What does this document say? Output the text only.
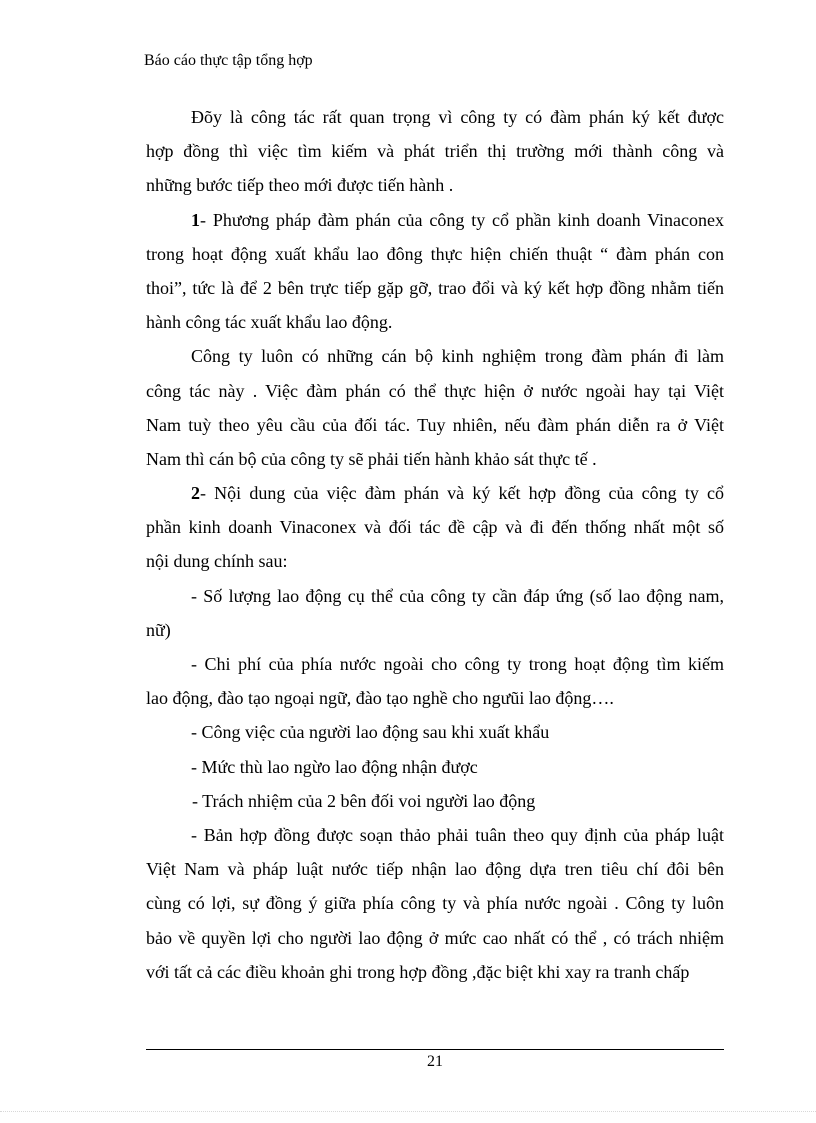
Báo cáo thực tập tổng hợp
Đõy là công tác rất quan trọng vì công ty có đàm phán ký kết được
hợp đồng thì việc tìm kiếm và phát triển thị trường mới thành công và
những bước tiếp theo mới được tiến hành .
1- Phương pháp đàm phán của công ty cổ phần kinh doanh Vinaconex
trong hoạt động xuất khẩu lao đông thực hiện chiến thuật “ đàm phán con
thoi”, tức là để 2 bên trực tiếp gặp gỡ, trao đổi và ký kết hợp đồng nhằm tiến
hành công tác xuất khẩu lao động.
Công ty luôn có những cán bộ kinh nghiệm trong đàm phán đi làm
công tác này . Việc đàm phán có thể thực hiện ở nước ngoài hay tại Việt
Nam tuỳ theo yêu cầu của đối tác. Tuy nhiên, nếu đàm phán diễn ra ở Việt
Nam thì cán bộ của công ty sẽ phải tiến hành khảo sát thực tế .
2- Nội dung của việc đàm phán và ký kết hợp đồng của công ty cổ
phần kinh doanh Vinaconex và đối tác đề cập và đi đến thống nhất một số
nội dung chính sau:
- Số lượng lao động cụ thể của công ty cần đáp ứng (số lao động nam,
nữ)
- Chi phí của phía nước ngoài cho công ty trong hoạt động tìm kiếm
lao động, đào tạo ngoại ngữ, đào tạo nghề cho ngưũi lao động….
- Công việc của người lao động sau khi xuất khẩu
- Mức thù lao ngừo lao động nhận được
- Trách nhiệm của 2 bên đối voi người lao động
- Bản hợp đồng được soạn thảo phải tuân theo quy định của pháp luật
Việt Nam và pháp luật nước tiếp nhận lao động dựa tren tiêu chí đôi bên
cùng có lợi, sự đồng ý giữa phía công ty và phía nước ngoài . Công ty luôn
bảo về quyền lợi cho người lao động ở mức cao nhất có thể , có trách nhiệm
với tất cả các điều khoản ghi trong hợp đồng ,đặc biệt khi xay ra tranh chấp
21
